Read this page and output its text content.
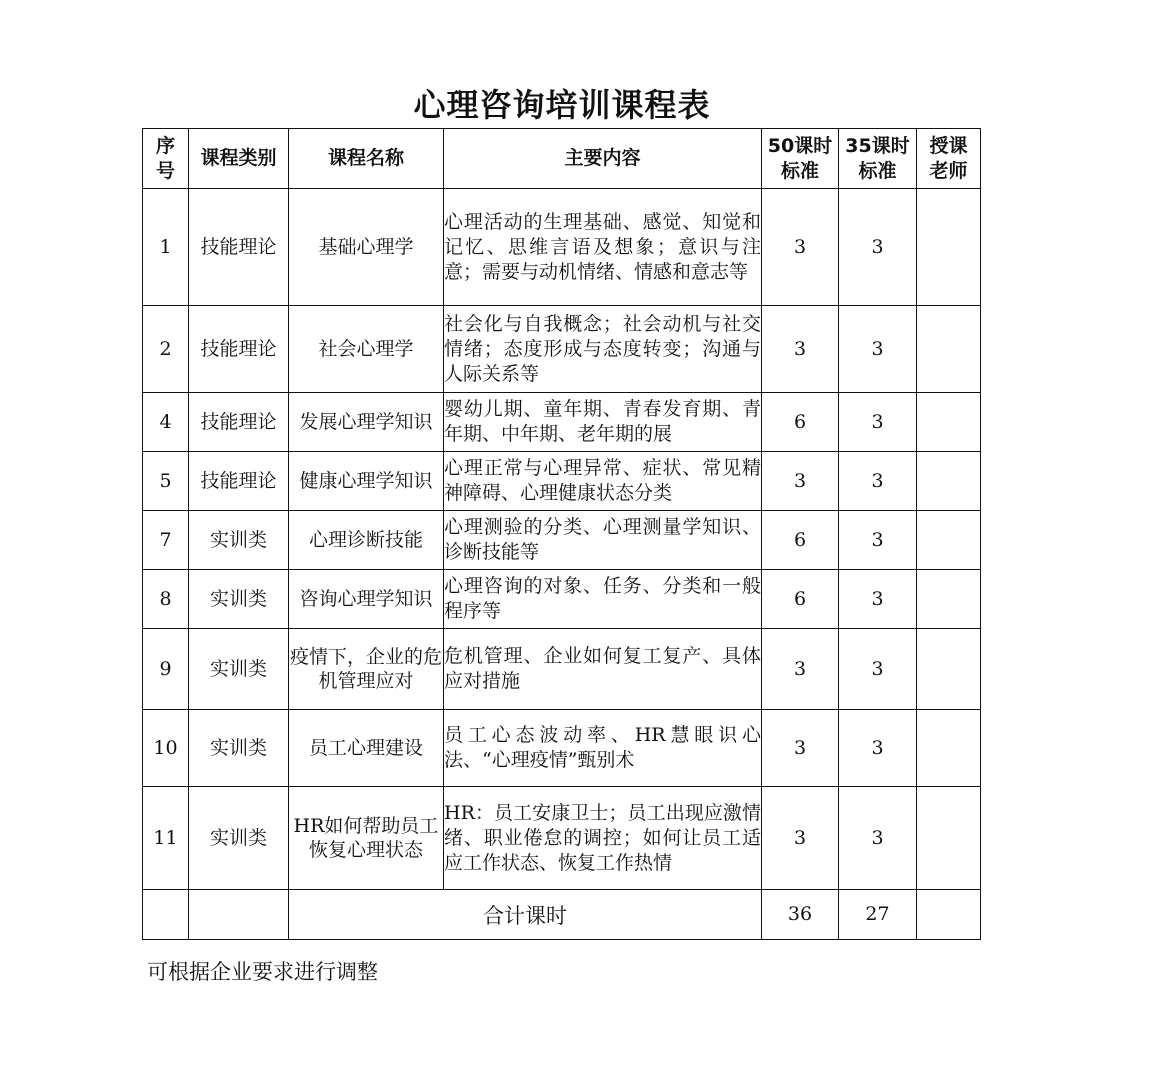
心理咨询培训课程表
序号	课程类别	课程名称	主要内容	50课时标准	35课时标准	授课老师

1	技能理论	基础心理学	心理活动的生理基础、感觉、知觉和记忆、思维言语及想象；意识与注意；需要与动机情绪、情感和意志等	3	3	
2	技能理论	社会心理学	社会化与自我概念；社会动机与社交情绪；态度形成与态度转变；沟通与人际关系等	3	3	
4	技能理论	发展心理学知识	婴幼儿期、童年期、青春发育期、青年期、中年期、老年期的展	6	3	
5	技能理论	健康心理学知识	心理正常与心理异常、症状、常见精神障碍、心理健康状态分类	3	3	
7	实训类	心理诊断技能	心理测验的分类、心理测量学知识、诊断技能等	6	3	
8	实训类	咨询心理学知识	心理咨询的对象、任务、分类和一般程序等	6	3	
9	实训类	疫情下，企业的危机管理应对	危机管理、企业如何复工复产、具体应对措施	3	3	
10	实训类	员工心理建设	员工心态波动率、HR慧眼识心法、“心理疫情”甄别术	3	3	
11	实训类	HR如何帮助员工恢复心理状态	HR：员工安康卫士；员工出现应激情绪、职业倦怠的调控；如何让员工适应工作状态、恢复工作热情	3	3	
		合计课时		36	27	
可根据企业要求进行调整
